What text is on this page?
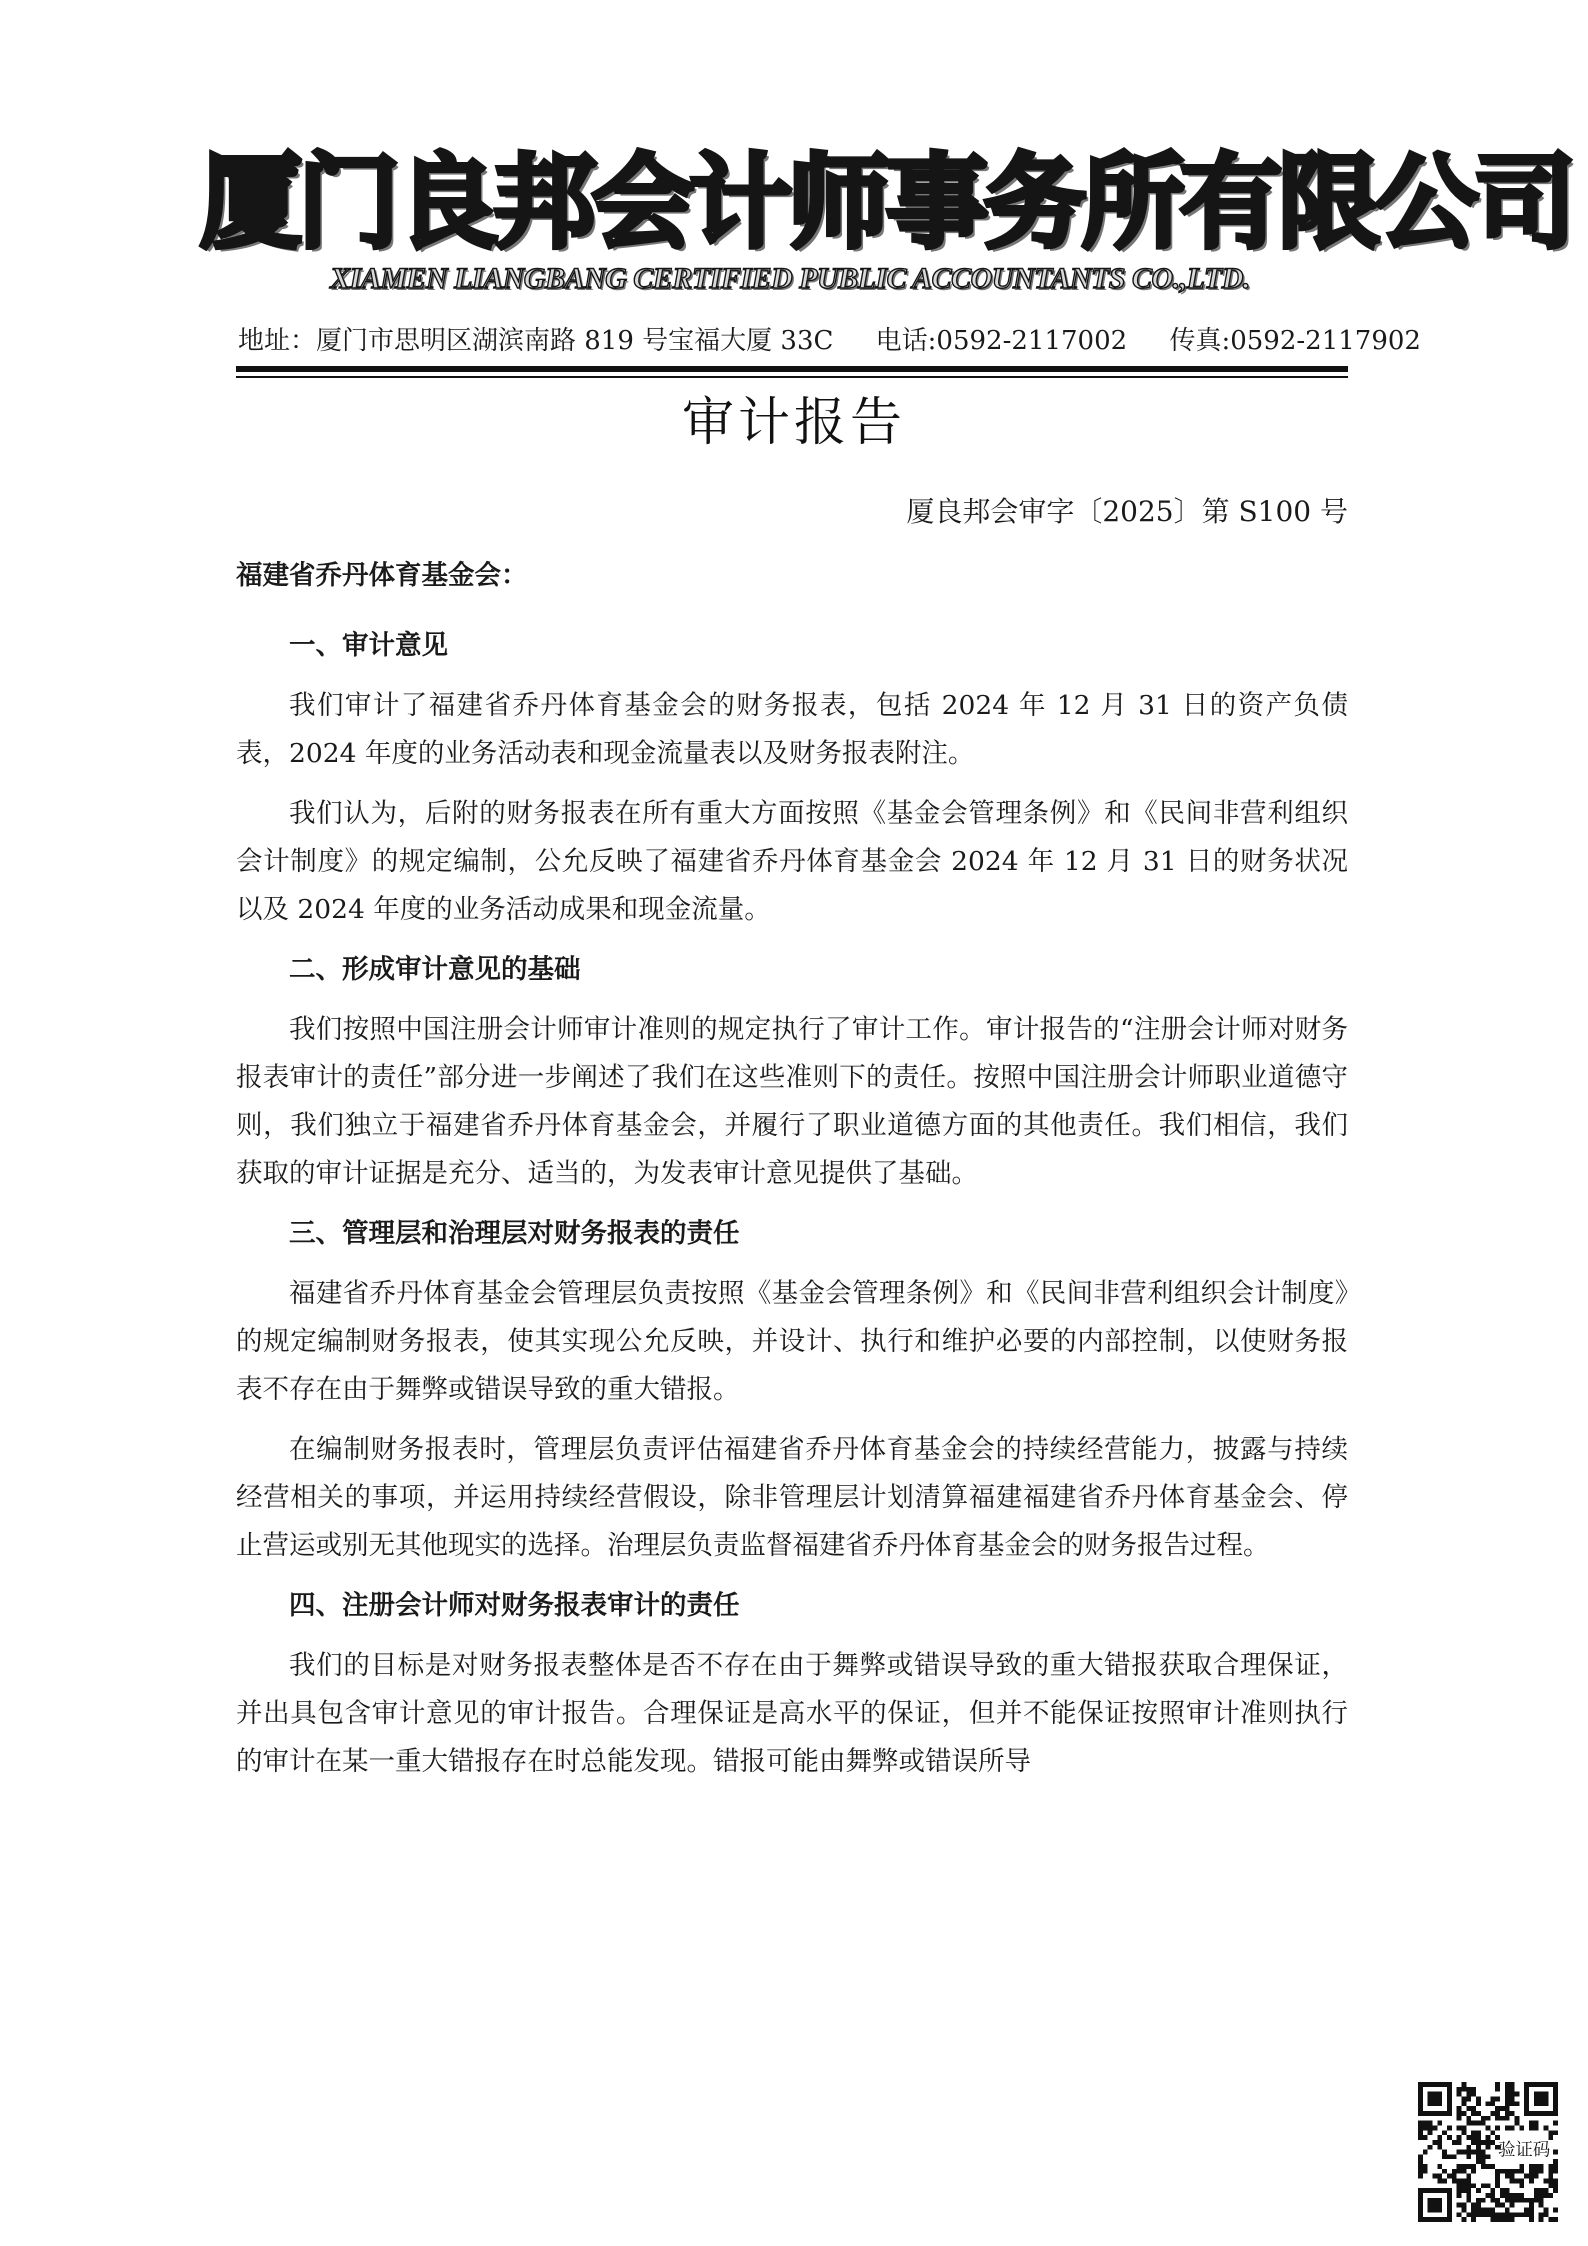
厦门良邦会计师事务所有限公司
XIAMEN LIANGBANG CERTIFIED PUBLIC ACCOUNTANTS CO.,LTD.
地址：厦门市思明区湖滨南路 819 号宝福大厦 33C 电话:0592-2117002 传真:0592-2117902
审计报告
厦良邦会审字〔2025〕第 S100 号

福建省乔丹体育基金会：

一、审计意见

我们审计了福建省乔丹体育基金会的财务报表，包括 2024 年 12 月 31 日的资产负债表，2024 年度的业务活动表和现金流量表以及财务报表附注。

我们认为，后附的财务报表在所有重大方面按照《基金会管理条例》和《民间非营利组织会计制度》的规定编制，公允反映了福建省乔丹体育基金会 2024 年 12 月 31 日的财务状况以及 2024 年度的业务活动成果和现金流量。

二、形成审计意见的基础

我们按照中国注册会计师审计准则的规定执行了审计工作。审计报告的“注册会计师对财务报表审计的责任”部分进一步阐述了我们在这些准则下的责任。按照中国注册会计师职业道德守则，我们独立于福建省乔丹体育基金会，并履行了职业道德方面的其他责任。我们相信，我们获取的审计证据是充分、适当的，为发表审计意见提供了基础。

三、管理层和治理层对财务报表的责任

福建省乔丹体育基金会管理层负责按照《基金会管理条例》和《民间非营利组织会计制度》的规定编制财务报表，使其实现公允反映，并设计、执行和维护必要的内部控制，以使财务报表不存在由于舞弊或错误导致的重大错报。

在编制财务报表时，管理层负责评估福建省乔丹体育基金会的持续经营能力，披露与持续经营相关的事项，并运用持续经营假设，除非管理层计划清算福建福建省乔丹体育基金会、停止营运或别无其他现实的选择。治理层负责监督福建省乔丹体育基金会的财务报告过程。

四、注册会计师对财务报表审计的责任

我们的目标是对财务报表整体是否不存在由于舞弊或错误导致的重大错报获取合理保证，并出具包含审计意见的审计报告。合理保证是高水平的保证，但并不能保证按照审计准则执行的审计在某一重大错报存在时总能发现。错报可能由舞弊或错误所导

验证码
